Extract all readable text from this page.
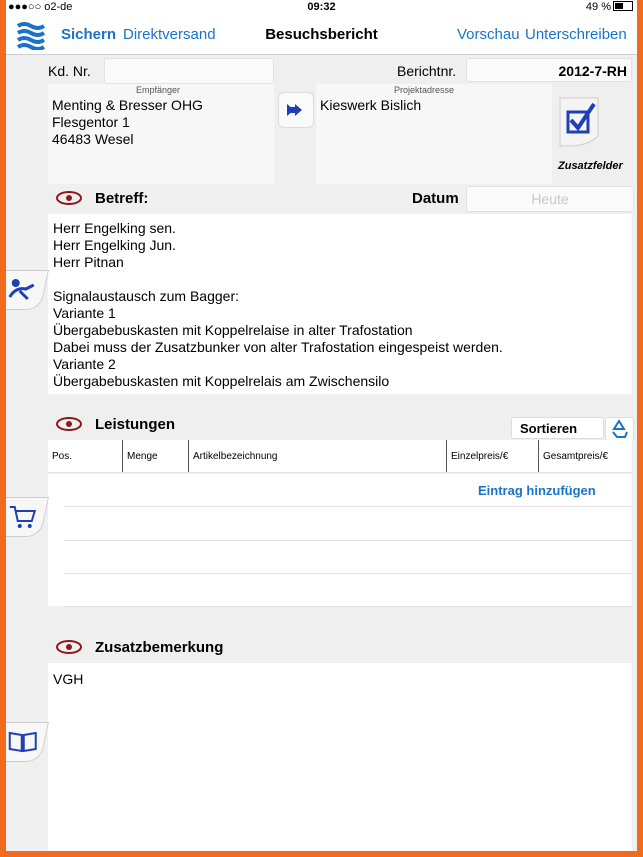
●●●○○ o2-de	09:32	49 %
Sichern Direktversand	Besuchsbericht	Vorschau Unterschreiben
Kd. Nr.	Berichtnr.	2012-7-RH
Empfänger
Menting & Bresser OHG
Flesgentor 1
46483 Wesel
Projektadresse
Kieswerk Bislich
Zusatzfelder
Betreff:	Datum	Heute
Herr Engelking sen.
Herr Engelking Jun.
Herr Pitnan
Signalaustausch zum Bagger:
Variante 1
Übergabebuskasten mit Koppelrelaise in alter Trafostation
Dabei muss der Zusatzbunker von alter Trafostation eingespeist werden.
Variante 2
Übergabebuskasten mit Koppelrelais am Zwischensilo
Leistungen	Sortieren
Pos.	Menge	Artikelbezeichnung	Einzelpreis/€	Gesamtpreis/€
Eintrag hinzufügen
Zusatzbemerkung
VGH
